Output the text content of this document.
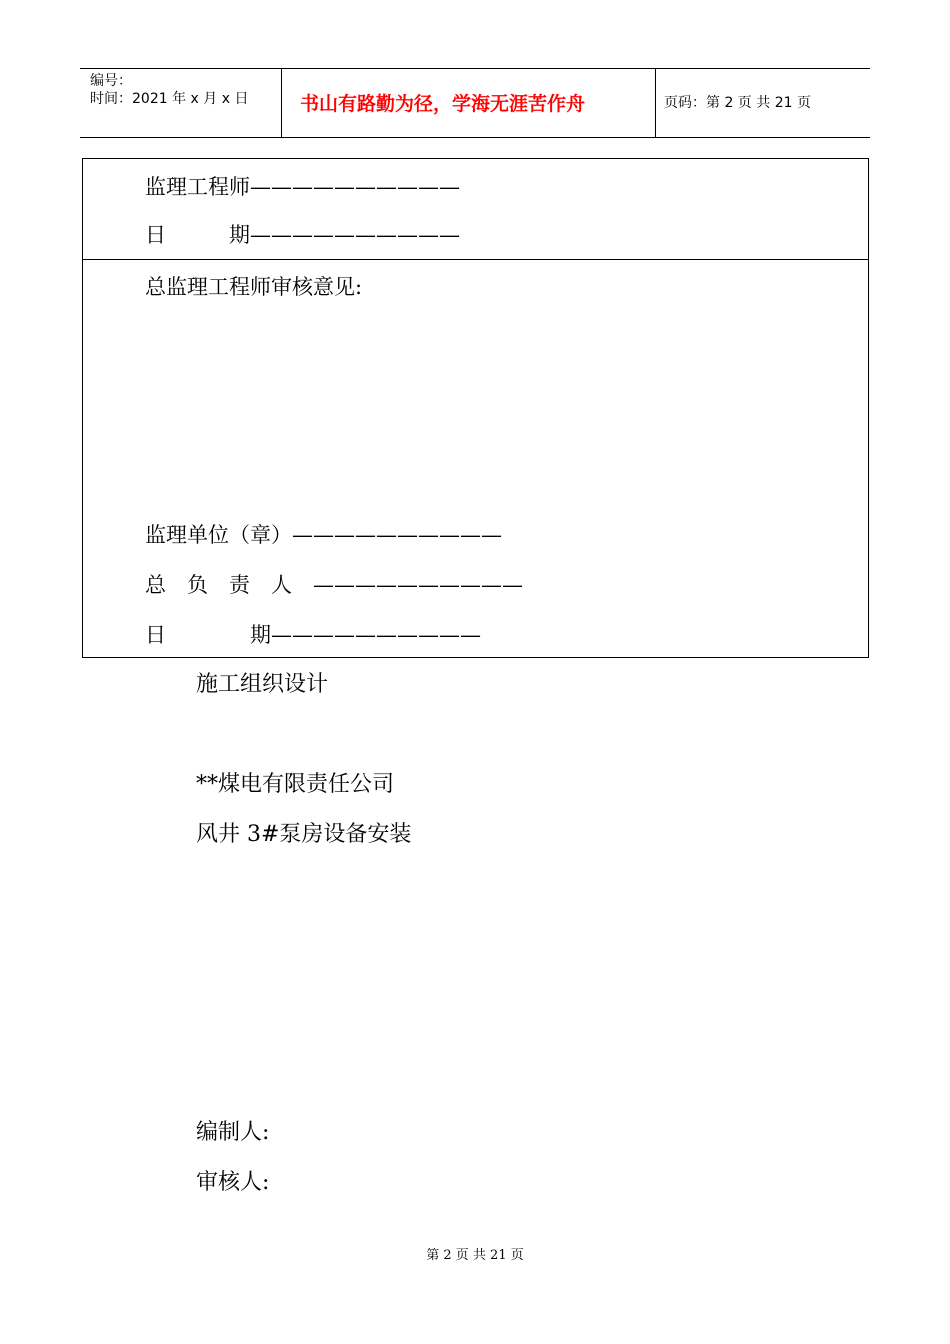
编号：
时间：2021 年 x 月 x 日	书山有路勤为径，学海无涯苦作舟	页码：第 2 页 共 21 页
监理工程师——————————
日　　　期——————————
总监理工程师审核意见:
监理单位（章）——————————
总　负　责　人　——————————
日　　　　期——————————
施工组织设计
**煤电有限责任公司
风井 3#泵房设备安装
编制人:
审核人:
第 2 页 共 21 页
